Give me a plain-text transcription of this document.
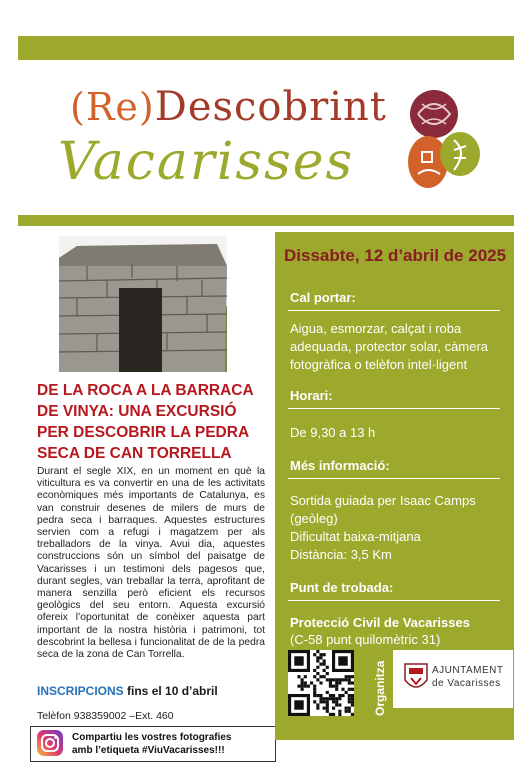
(Re)Descobrint
Vacarisses
DE LA ROCA A LA BARRACA DE VINYA: UNA EXCURSIÓ PER DESCOBRIR LA PEDRA SECA DE CAN TORRELLA
Durant el segle XIX, en un moment en què la viticultura es va convertir en una de les activitats econòmiques més importants de Catalunya, es van construir desenes de milers de murs de pedra seca i barraques. Aquestes estructures servien com a refugi i magatzem per als treballadors de la vinya. Avui dia, aquestes construccions són un símbol del paisatge de Vacarisses i un testimoni dels pagesos que, durant segles, van treballar la terra, aprofitant de manera senzilla però eficient els recursos geològics del seu entorn. Aquesta excursió ofereix l’oportunitat de conèixer aquesta part important de la nostra història i patrimoni, tot descobrint la bellesa i funcionalitat de de la pedra seca de la zona de Can Torrella.
INSCRIPCIONS fins el 10 d’abril
Telèfon 938359002 –Ext. 460
Compartiu les vostres fotografies
amb l’etiqueta #ViuVacarisses!!!
Dissabte, 12 d’abril de 2025
Cal portar:
Aigua, esmorzar, calçat i roba adequada, protector solar, càmera fotogràfica o telèfon intel·ligent
Horari:
De 9,30 a 13 h
Més informació:
Sortida guiada per Isaac Camps (geòleg)
Dificultat baixa-mitjana
Distància: 3,5 Km
Punt de trobada:
Protecció Civil de Vacarisses
(C-58 punt quilomètric 31)
Organitza	AJUNTAMENT
de Vacarisses
